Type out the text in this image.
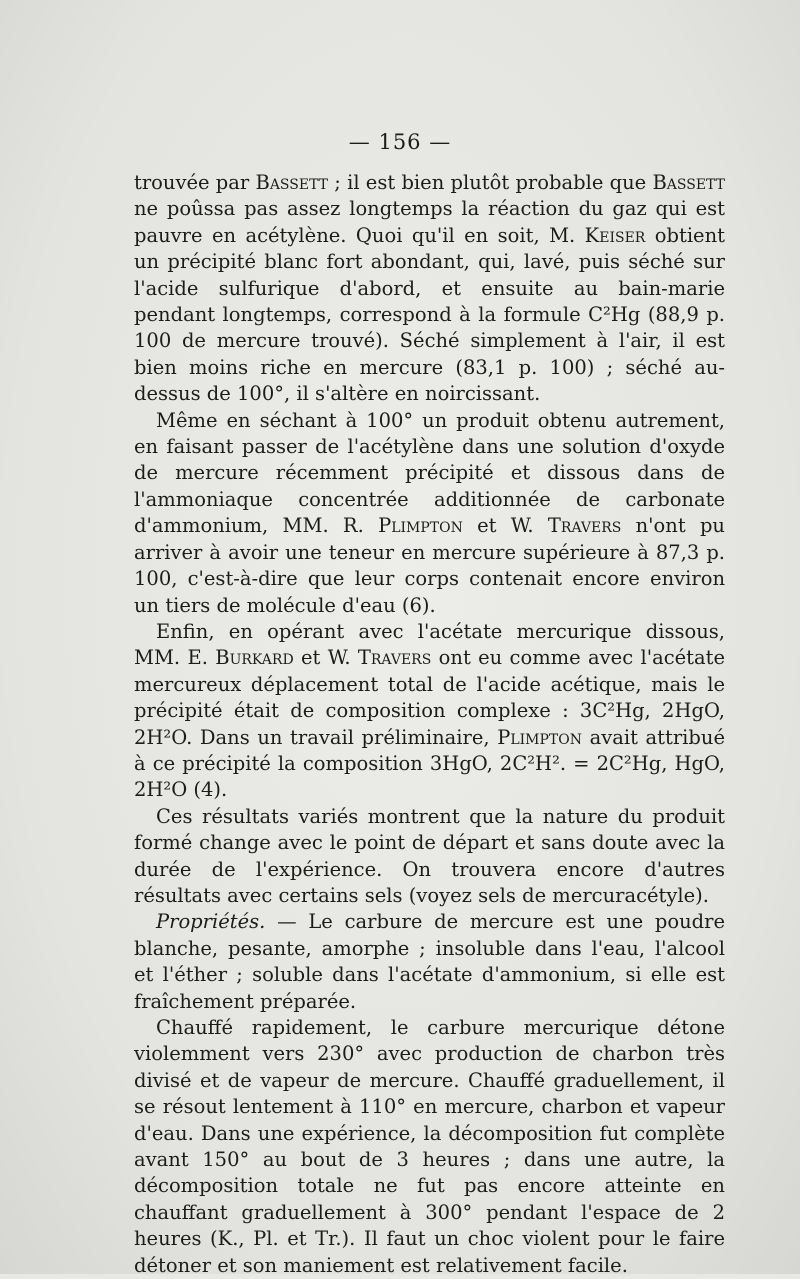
— 156 —

trouvée par Bassett ; il est bien plutôt probable que Bassett ne poûssa pas assez longtemps la réaction du gaz qui est pauvre en acétylène. Quoi qu'il en soit, M. Keiser obtient un précipité blanc fort abondant, qui, lavé, puis séché sur l'acide sulfurique d'abord, et ensuite au bain-marie pendant longtemps, correspond à la formule C²Hg (88,9 p. 100 de mercure trouvé). Séché simplement à l'air, il est bien moins riche en mercure (83,1 p. 100) ; séché au-dessus de 100°, il s'altère en noircissant.

Même en séchant à 100° un produit obtenu autrement, en faisant passer de l'acétylène dans une solution d'oxyde de mercure récemment précipité et dissous dans de l'ammoniaque concentrée additionnée de carbonate d'ammonium, MM. R. Plimpton et W. Travers n'ont pu arriver à avoir une teneur en mercure supérieure à 87,3 p. 100, c'est-à-dire que leur corps contenait encore environ un tiers de molécule d'eau (6).

Enfin, en opérant avec l'acétate mercurique dissous, MM. E. Burkard et W. Travers ont eu comme avec l'acétate mercureux déplacement total de l'acide acétique, mais le précipité était de composition complexe : 3C²Hg, 2HgO, 2H²O. Dans un travail préliminaire, Plimpton avait attribué à ce précipité la composition 3HgO, 2C²H². = 2C²Hg, HgO, 2H²O (4).

Ces résultats variés montrent que la nature du produit formé change avec le point de départ et sans doute avec la durée de l'expérience. On trouvera encore d'autres résultats avec certains sels (voyez sels de mercuracétyle).

Propriétés. — Le carbure de mercure est une poudre blanche, pesante, amorphe ; insoluble dans l'eau, l'alcool et l'éther ; soluble dans l'acétate d'ammonium, si elle est fraîchement préparée.

Chauffé rapidement, le carbure mercurique détone violemment vers 230° avec production de charbon très divisé et de vapeur de mercure. Chauffé graduellement, il se résout lentement à 110° en mercure, charbon et vapeur d'eau. Dans une expérience, la décomposition fut complète avant 150° au bout de 3 heures ; dans une autre, la décomposition totale ne fut pas encore atteinte en chauffant graduellement à 300° pendant l'espace de 2 heures (K., Pl. et Tr.). Il faut un choc violent pour le faire détoner et son maniement est relativement facile.
